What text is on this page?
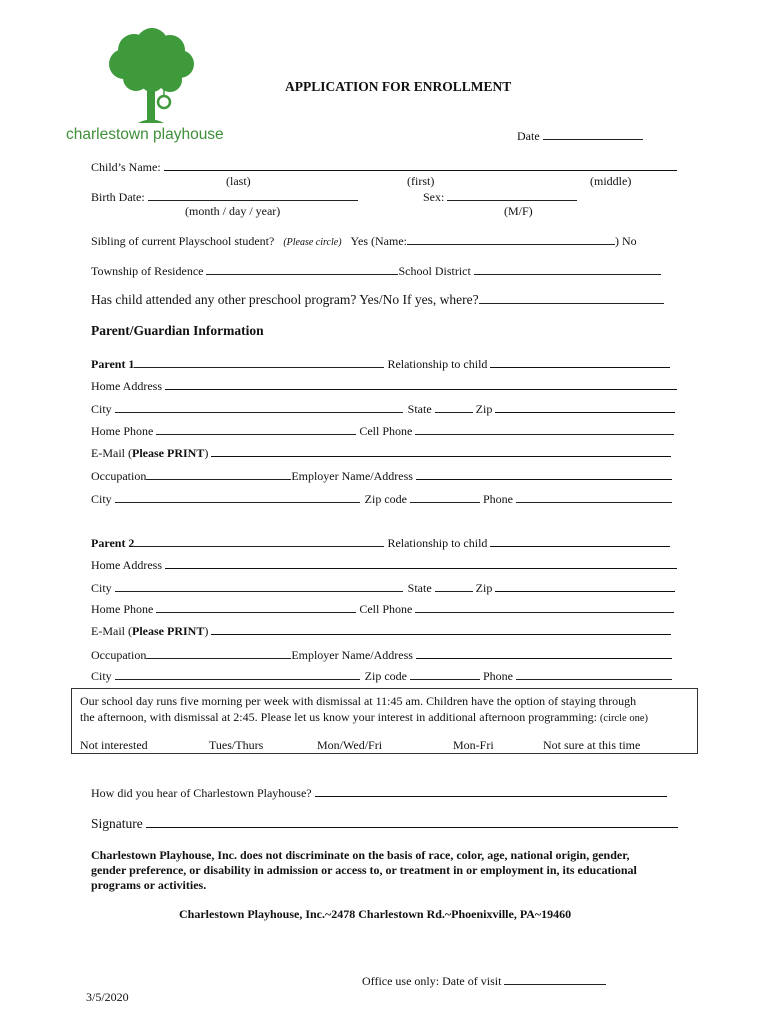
charlestown playhouse
APPLICATION FOR ENROLLMENT
Date
Child’s Name:
(last)	(first)	(middle)
Birth Date:	Sex:
(month / day / year)	(M/F)
Sibling of current Playschool student? (Please circle) Yes (Name:	) No
Township of Residence	School District
Has child attended any other preschool program? Yes/No If yes, where?
Parent/Guardian Information
Parent 1	Relationship to child
Home Address
City	State	Zip
Home Phone	Cell Phone
E-Mail (Please PRINT)
Occupation	Employer Name/Address
City	Zip code	Phone
Parent 2	Relationship to child
Home Address
City	State	Zip
Home Phone	Cell Phone
E-Mail (Please PRINT)
Occupation	Employer Name/Address
City	Zip code	Phone
Our school day runs five morning per week with dismissal at 11:45 am. Children have the option of staying through
the afternoon, with dismissal at 2:45. Please let us know your interest in additional afternoon programming: (circle one)
Not interested	Tues/Thurs	Mon/Wed/Fri	Mon-Fri	Not sure at this time
How did you hear of Charlestown Playhouse?
Signature
Charlestown Playhouse, Inc. does not discriminate on the basis of race, color, age, national origin, gender,
gender preference, or disability in admission or access to, or treatment in or employment in, its educational
programs or activities.
Charlestown Playhouse, Inc.~2478 Charlestown Rd.~Phoenixville, PA~19460
Office use only: Date of visit
3/5/2020
